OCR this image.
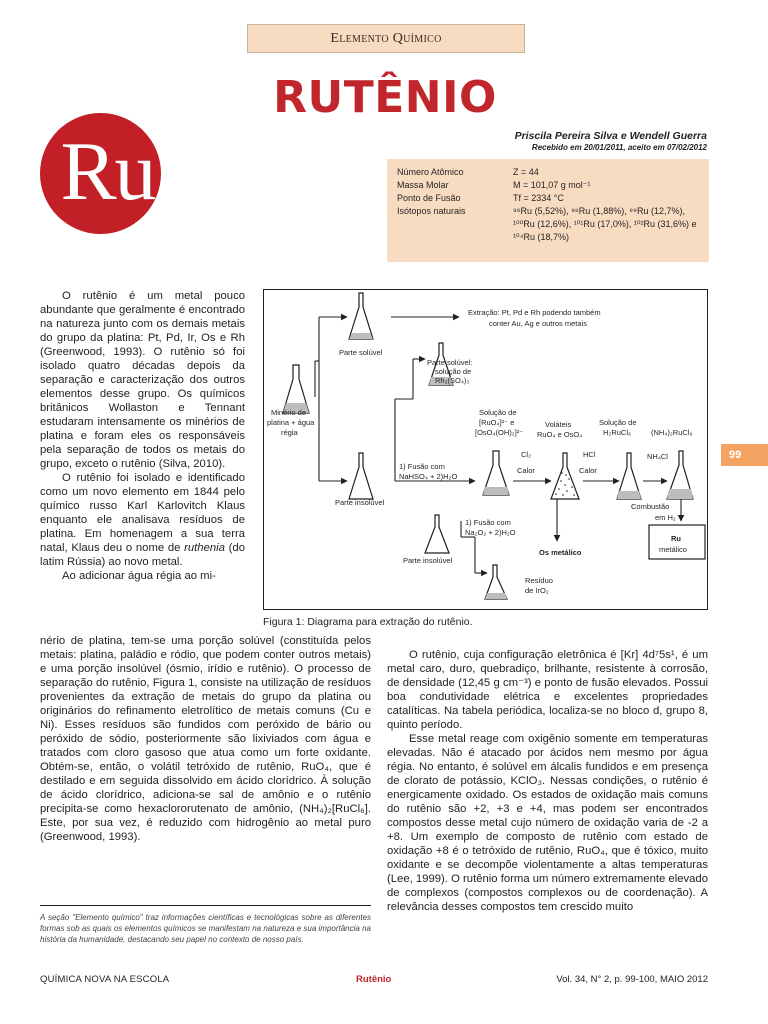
Elemento Químico
RUTÊNIO
Ru	Priscila Pereira Silva e Wendell Guerra
Recebido em 20/01/2011, aceito em 07/02/2012
Número Atômico	Z = 44
Massa Molar	M = 101,07 g mol⁻¹
Ponto de Fusão	Tf = 2334 °C
Isótopos naturais	⁹⁶Ru (5,52%), ⁹⁸Ru (1,88%), ⁹⁹Ru (12,7%), ¹⁰⁰Ru (12,6%), ¹⁰¹Ru (17,0%), ¹⁰²Ru (31,6%) e ¹⁰⁴Ru (18,7%)

O rutênio é um metal pouco abundante que geralmente é encontrado na natureza junto com os demais metais do grupo da platina: Pt, Pd, Ir, Os e Rh (Greenwood, 1993). O rutênio só foi isolado quatro décadas depois da separação e caracterização dos outros elementos desse grupo. Os químicos britânicos Wollaston e Tennant estudaram intensamente os minérios de platina e foram eles os responsáveis pela separação de todos os metais do grupo, exceto o rutênio (Silva, 2010).

O rutênio foi isolado e identificado como um novo elemento em 1844 pelo químico russo Karl Karlovitch Klaus enquanto ele analisava resíduos de platina. Em homenagem a sua terra natal, Klaus deu o nome de ruthenia (do latim Rússia) ao novo metal.

Ao adicionar água régia ao mi-

nério de platina, tem-se uma porção solúvel (constituída pelos metais: platina, paládio e ródio, que podem conter outros metais) e uma porção insolúvel (ósmio, irídio e rutênio). O processo de separação do rutênio, Figura 1, consiste na utilização de resíduos provenientes da extração de metais do grupo da platina ou originários do refinamento eletrolítico de metais comuns (Cu e Ni). Esses resíduos são fundidos com peróxido de bário ou peróxido de sódio, posteriormente são lixiviados com água e tratados com cloro gasoso que atua como um forte oxidante. Obtém-se, então, o volátil tetróxido de rutênio, RuO₄, que é destilado e em seguida dissolvido em ácido clorídrico. À solução de ácido clorídrico, adiciona-se sal de amônio e o rutênio precipita-se como hexaclororutenato de amônio, (NH₄)₂[RuCl₆]. Este, por sua vez, é reduzido com hidrogênio ao metal puro (Greenwood, 1993).

Extração: Pt, Pd e Rh podendo também
conter Au, Ag e outros metais
Parte solúvel
Minério de
platina + água
régia
Parte solúvel:
solução de
Rh₂(SO₄)₃
Parte insolúvel
1) Fusão com
NaHSO₄ + 2)H₂O
Solução de
[RuO₄]²⁻ e
[OsO₄(OH)₂]²⁻
Cl₂
Calor
Voláteis
RuO₄ e OsO₄
HCl
Calor
Solução de
H₂RuCl₆
NH₄Cl
(NH₄)₂RuCl₆
Combustão
em H₂
Ru
metálico
Os metálico
1) Fusão com
Na₂O₂ + 2)H₂O
Parte insolúvel
Resíduo
de IrO₂
Figura 1: Diagrama para extração do rutênio.
99

O rutênio, cuja configuração eletrônica é [Kr] 4d⁷5s¹, é um metal caro, duro, quebradiço, brilhante, resistente à corrosão, de densidade (12,45 g cm⁻³) e ponto de fusão elevados. Possui boa condutividade elétrica e excelentes propriedades catalíticas. Na tabela periódica, localiza-se no bloco d, grupo 8, quinto período.

Esse metal reage com oxigênio somente em temperaturas elevadas. Não é atacado por ácidos nem mesmo por água régia. No entanto, é solúvel em álcalis fundidos e em presença de clorato de potássio, KClO₃. Nessas condições, o rutênio é energicamente oxidado. Os estados de oxidação mais comuns do rutênio são +2, +3 e +4, mas podem ser encontrados compostos desse metal cujo número de oxidação varia de -2 a +8. Um exemplo de composto de rutênio com estado de oxidação +8 é o tetróxido de rutênio, RuO₄, que é tóxico, muito oxidante e se decompõe violentamente a altas temperaturas (Lee, 1999). O rutênio forma um número extremamente elevado de complexos (compostos complexos ou de coordenação). A relevância desses compostos tem crescido muito

A seção "Elemento químico" traz informações científicas e tecnológicas sobre as diferentes formas sob as quais os elementos químicos se manifestam na natureza e sua importância na história da humanidade, destacando seu papel no contexto de nosso país.
QUÍMICA NOVA NA ESCOLA	Rutênio	Vol. 34, N° 2, p. 99-100, MAIO 2012
